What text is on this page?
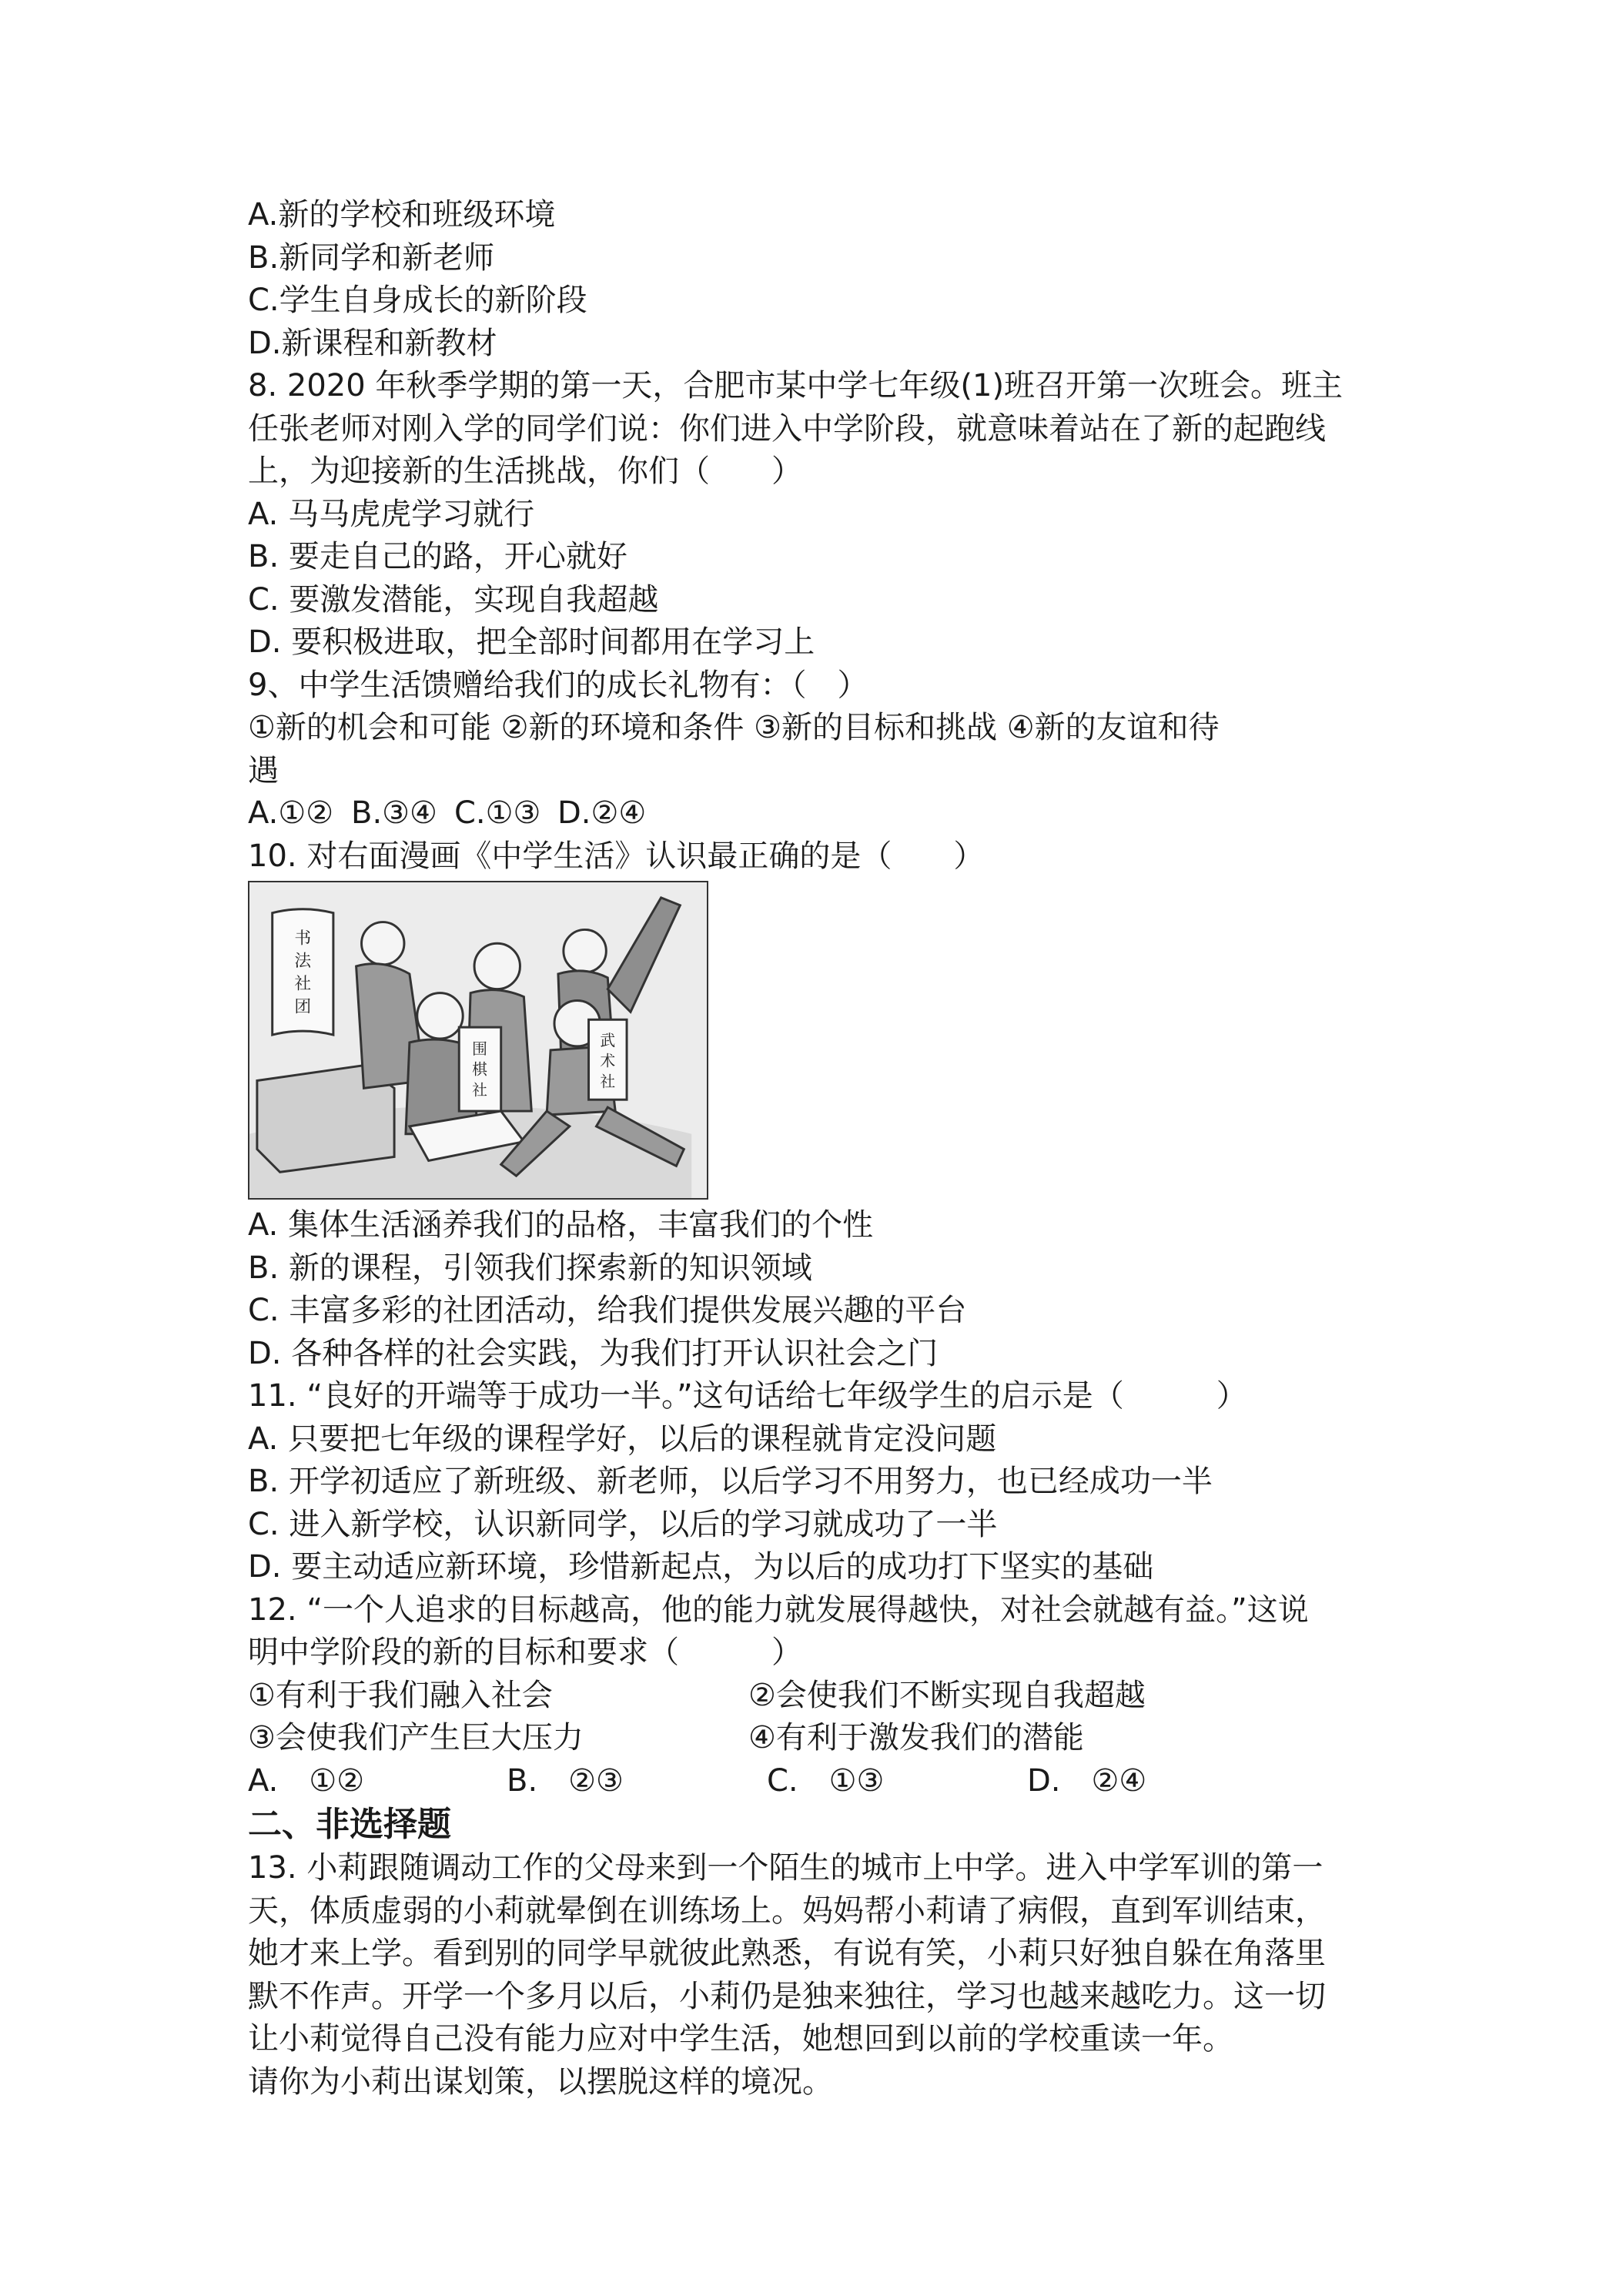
A.新的学校和班级环境
B.新同学和新老师
C.学生自身成长的新阶段
D.新课程和新教材
8. 2020 年秋季学期的第一天，合肥市某中学七年级(1)班召开第一次班会。班主
任张老师对刚入学的同学们说：你们进入中学阶段，就意味着站在了新的起跑线
上，为迎接新的生活挑战，你们（　　）
A. 马马虎虎学习就行
B. 要走自己的路，开心就好
C. 要激发潜能，实现自我超越
D. 要积极进取，把全部时间都用在学习上
9、中学生活馈赠给我们的成长礼物有：（　）
①新的机会和可能 ②新的环境和条件 ③新的目标和挑战 ④新的友谊和待
遇
A.①② B.③④ C.①③ D.②④
10. 对右面漫画《中学生活》认识最正确的是（　　）
书
法
社
团
围
棋
社
武
术
社
A. 集体生活涵养我们的品格，丰富我们的个性
B. 新的课程，引领我们探索新的知识领域
C. 丰富多彩的社团活动，给我们提供发展兴趣的平台
D. 各种各样的社会实践，为我们打开认识社会之门
11. “良好的开端等于成功一半。”这句话给七年级学生的启示是（　　　）
A. 只要把七年级的课程学好，以后的课程就肯定没问题
B. 开学初适应了新班级、新老师，以后学习不用努力，也已经成功一半
C. 进入新学校，认识新同学，以后的学习就成功了一半
D. 要主动适应新环境，珍惜新起点，为以后的成功打下坚实的基础
12. “一个人追求的目标越高，他的能力就发展得越快，对社会就越有益。”这说
明中学阶段的新的目标和要求（　　　）
①有利于我们融入社会	②会使我们不断实现自我超越
③会使我们产生巨大压力	④有利于激发我们的潜能
A.　①②	B.　②③	C.　①③	D.　②④
二、非选择题
13. 小莉跟随调动工作的父母来到一个陌生的城市上中学。进入中学军训的第一
天，体质虚弱的小莉就晕倒在训练场上。妈妈帮小莉请了病假，直到军训结束，
她才来上学。看到别的同学早就彼此熟悉，有说有笑，小莉只好独自躲在角落里
默不作声。开学一个多月以后，小莉仍是独来独往，学习也越来越吃力。这一切
让小莉觉得自己没有能力应对中学生活，她想回到以前的学校重读一年。
请你为小莉出谋划策，以摆脱这样的境况。
